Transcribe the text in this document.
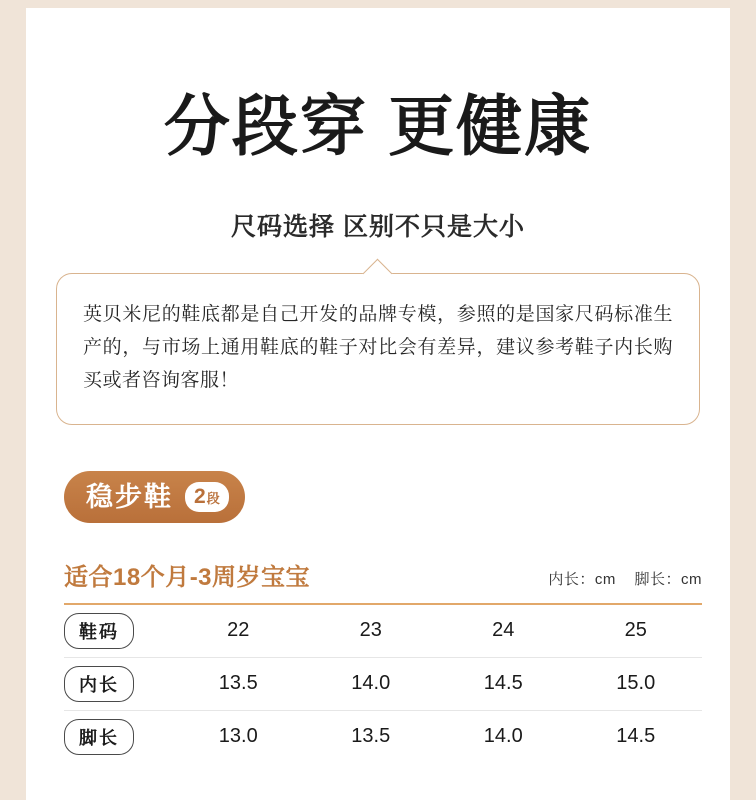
分段穿 更健康
尺码选择 区别不只是大小

英贝米尼的鞋底都是自己开发的品牌专模，参照的是国家尺码标准生产的，与市场上通用鞋底的鞋子对比会有差异，建议参考鞋子内长购买或者咨询客服！

稳步鞋 2 段
适合18个月-3周岁宝宝	内长：cm 脚长：cm
鞋码	22	23	24	25
内长	13.5	14.0	14.5	15.0
脚长	13.0	13.5	14.0	14.5
